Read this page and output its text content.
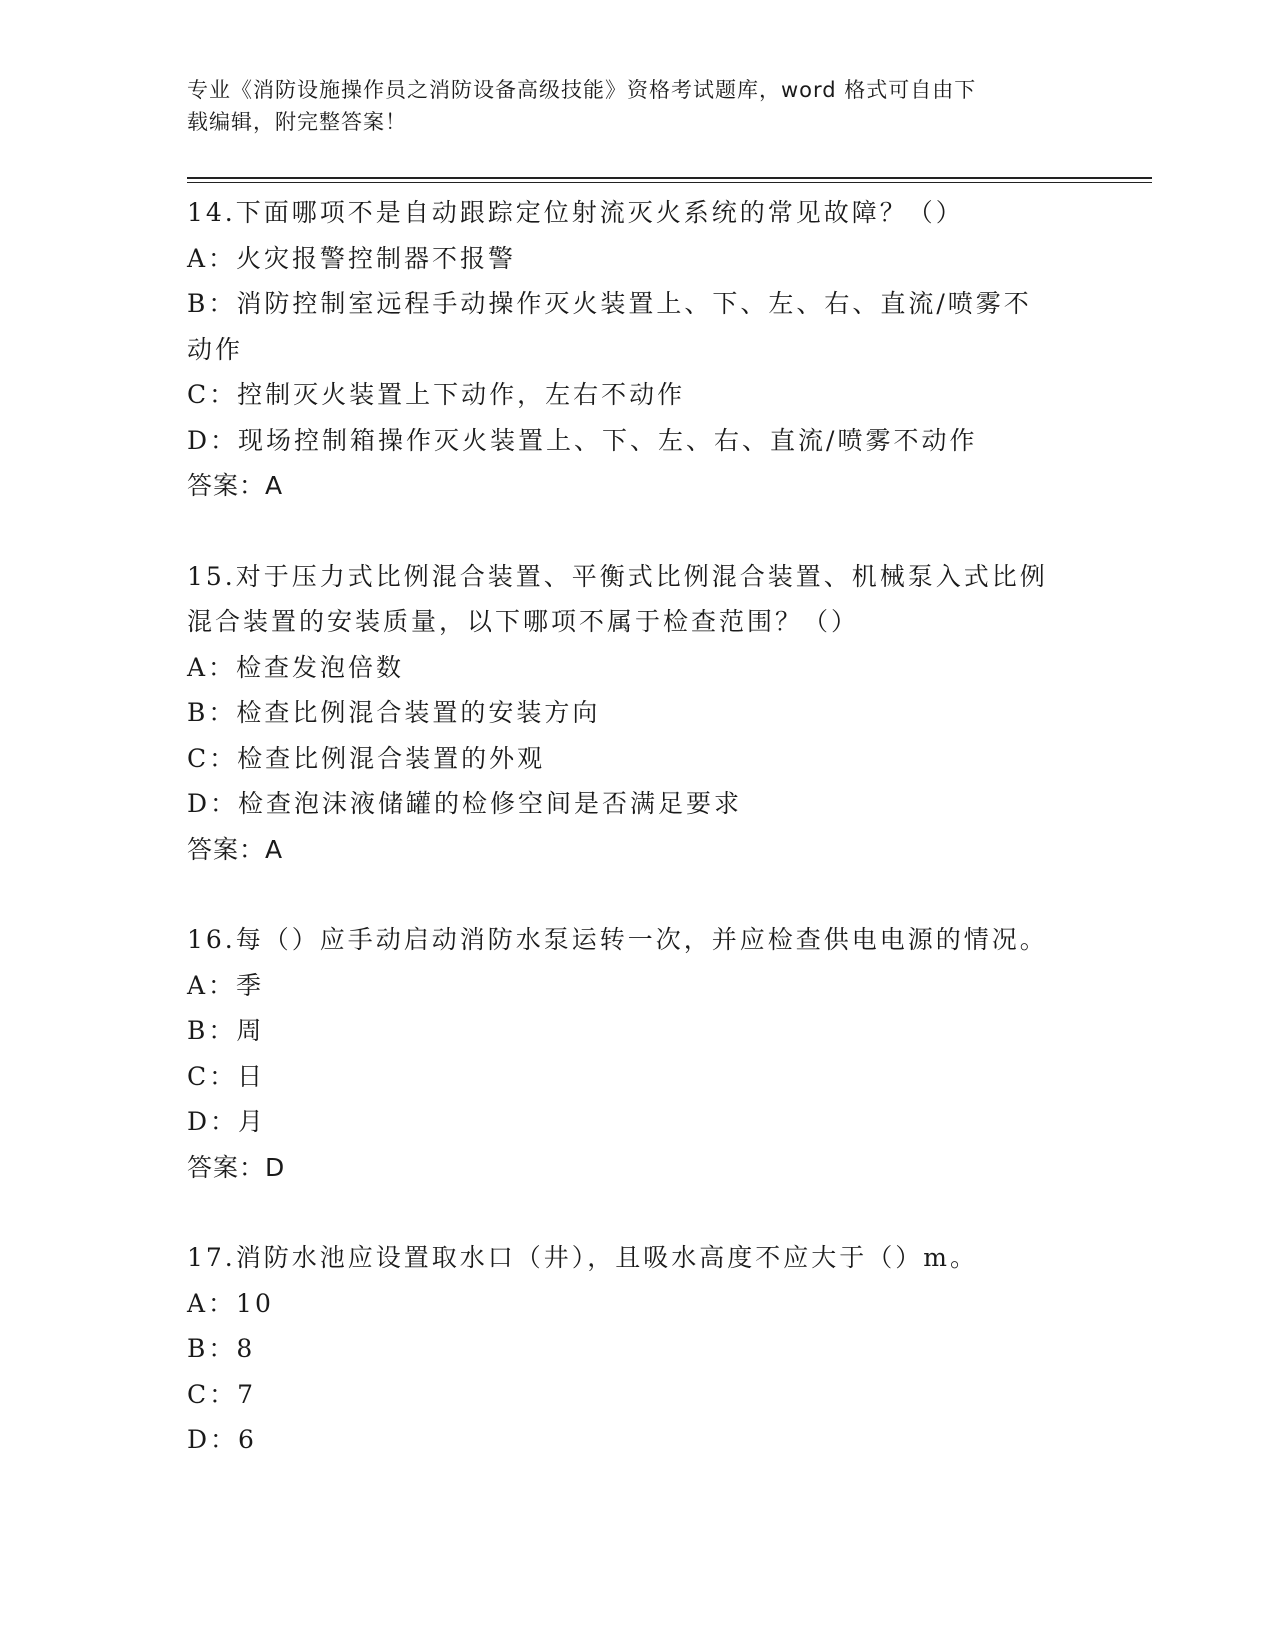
专业《消防设施操作员之消防设备高级技能》资格考试题库，word 格式可自由下
载编辑，附完整答案！
14.下面哪项不是自动跟踪定位射流灭火系统的常见故障？（）
A：火灾报警控制器不报警
B：消防控制室远程手动操作灭火装置上、下、左、右、直流/喷雾不
动作
C：控制灭火装置上下动作，左右不动作
D：现场控制箱操作灭火装置上、下、左、右、直流/喷雾不动作
答案：A
15.对于压力式比例混合装置、平衡式比例混合装置、机械泵入式比例
混合装置的安装质量，以下哪项不属于检查范围？（）
A：检查发泡倍数
B：检查比例混合装置的安装方向
C：检查比例混合装置的外观
D：检查泡沫液储罐的检修空间是否满足要求
答案：A
16.每（）应手动启动消防水泵运转一次，并应检查供电电源的情况。
A：季
B：周
C：日
D：月
答案：D
17.消防水池应设置取水口（井），且吸水高度不应大于（）m。
A：10
B：8
C：7
D：6
